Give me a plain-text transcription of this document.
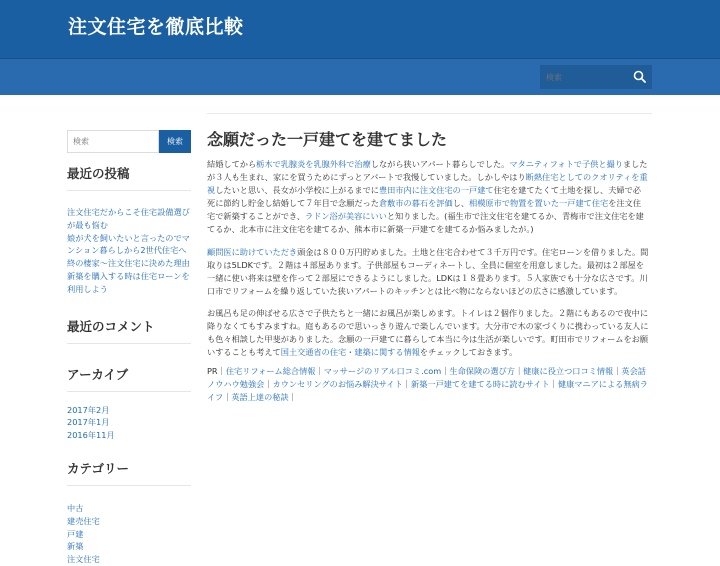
注文住宅を徹底比較
検索
検索
検索
最近の投稿
注文住宅だからこそ住宅設備選びが最も悩む
娘が犬を飼いたいと言ったのでマンション暮らしから2世代住宅へ
終の棲家〜注文住宅に決めた理由
新築を購入する時は住宅ローンを利用しよう
最近のコメント
アーカイブ
2017年2月
2017年1月
2016年11月
カテゴリー
中古
建売住宅
戸建
新築
注文住宅
念願だった一戸建てを建てました

結婚してから栃木で乳腺炎を乳腺外科で治療しながら狭いアパート暮らしでした。マタニティフォトで子供と撮りましたが３人も生まれ、家にを買うためにずっとアパートで我慢していました。しかしやはり断熱住宅としてのクオリティを重視したいと思い、長女が小学校に上がるまでに豊田市内に注文住宅の一戸建て住宅を建てたくて土地を探し、夫婦で必死に節約し貯金し結婚して７年目で念願だった倉敷市の暮石を評価し、相模原市で物置を置いた一戸建て住宅を注文住宅で新築することができ、ラドン浴が美容にいいと知りました。(福生市で注文住宅を建てるか、青梅市で注文住宅を建てるか、北本市に注文住宅を建てるか、熊本市に新築一戸建てを建てるか悩みましたが。)

顧問医に助けていただき頭金は８００万円貯めました。土地と住宅合わせて３千万円です。住宅ローンを借りました。間取りは5LDKです。２階は４部屋あります。子供部屋もコーディネートし、全員に個室を用意しました。最初は２部屋を一緒に使い将来は壁を作って２部屋にできるようにしました。LDKは１８畳あります。５人家族でも十分な広さです。川口市でリフォームを繰り返していた狭いアパートのキッチンとは比べ物にならないほどの広さに感激しています。

お風呂も足の伸ばせる広さで子供たちと一緒にお風呂が楽しめます。トイレは２個作りました。２階にもあるので夜中に降りなくてもすみますね。庭もあるので思いっきり遊んで楽しんでいます。大分市で木の家づくりに携わっている友人にも色々相談した甲斐がありました。念願の一戸建てに暮らして本当に今は生活が楽しいです。町田市でリフォームをお願いすることも考えて国土交通省の住宅・建築に関する情報をチェックしておきます。

PR｜住宅リフォーム総合情報｜マッサージのリアル口コミ.com｜生命保険の選び方｜健康に役立つ口コミ情報｜英会話ノウハウ勉強会｜カウンセリングのお悩み解決サイト｜新築一戸建てを建てる時に読むサイト｜健康マニアによる無病ライフ｜英語上達の秘訣｜
